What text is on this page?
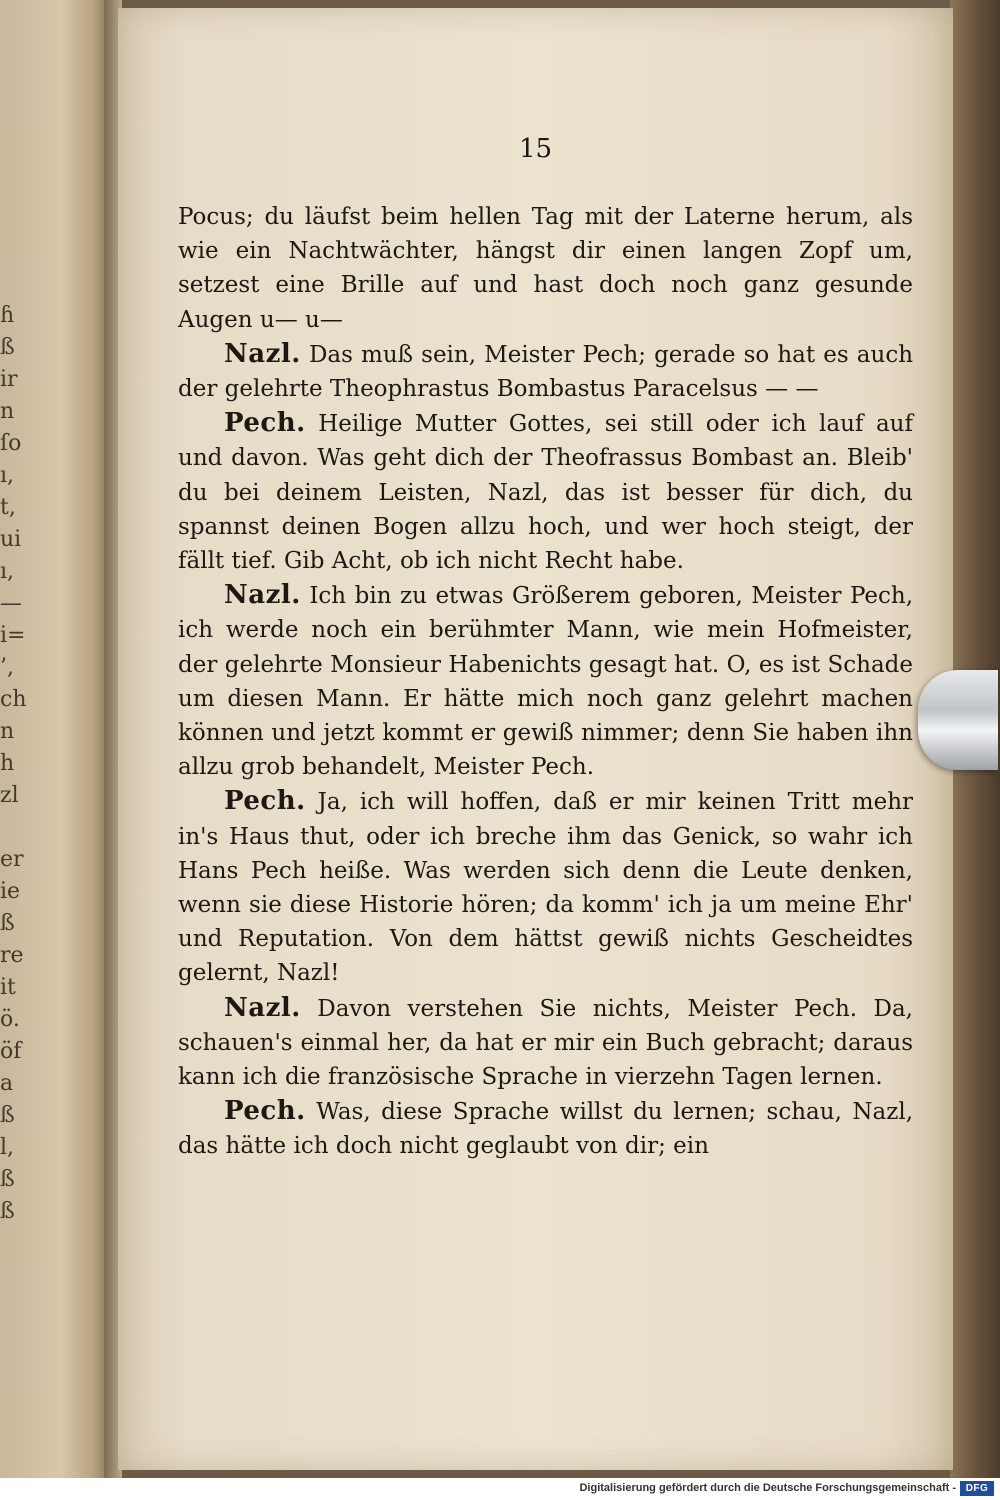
ɦ
ß
ir
n
ſo
ı,
t,
ui
ı,
—
i=
’,
ch
n
h
zl

er
ie
ß
re
it
ö.
öf
a
ß
l,
ß
ß
15

Pocus; du läufst beim hellen Tag mit der Laterne herum, als wie ein Nachtwächter, hängst dir einen langen Zopf um, setzest eine Brille auf und hast doch noch ganz gesunde Augen u— u—

Nazl. Das muß sein, Meister Pech; gerade so hat es auch der gelehrte Theophrastus Bombastus Paracelsus — —

Pech. Heilige Mutter Gottes, sei still oder ich lauf auf und davon. Was geht dich der Theofrassus Bombast an. Bleib' du bei deinem Leisten, Nazl, das ist besser für dich, du spannst deinen Bogen allzu hoch, und wer hoch steigt, der fällt tief. Gib Acht, ob ich nicht Recht habe.

Nazl. Ich bin zu etwas Größerem geboren, Meister Pech, ich werde noch ein berühmter Mann, wie mein Hofmeister, der gelehrte Monsieur Habenichts gesagt hat. O, es ist Schade um diesen Mann. Er hätte mich noch ganz gelehrt machen können und jetzt kommt er gewiß nimmer; denn Sie haben ihn allzu grob behandelt, Meister Pech.

Pech. Ja, ich will hoffen, daß er mir keinen Tritt mehr in's Haus thut, oder ich breche ihm das Genick, so wahr ich Hans Pech heiße. Was werden sich denn die Leute denken, wenn sie diese Historie hören; da komm' ich ja um meine Ehr' und Reputation. Von dem hättst gewiß nichts Gescheidtes gelernt, Nazl!

Nazl. Davon verstehen Sie nichts, Meister Pech. Da, schauen's einmal her, da hat er mir ein Buch gebracht; daraus kann ich die französische Sprache in vierzehn Tagen lernen.

Pech. Was, diese Sprache willst du lernen; schau, Nazl, das hätte ich doch nicht geglaubt von dir; ein

Digitalisierung gefördert durch die Deutsche Forschungsgemeinschaft - DFG
